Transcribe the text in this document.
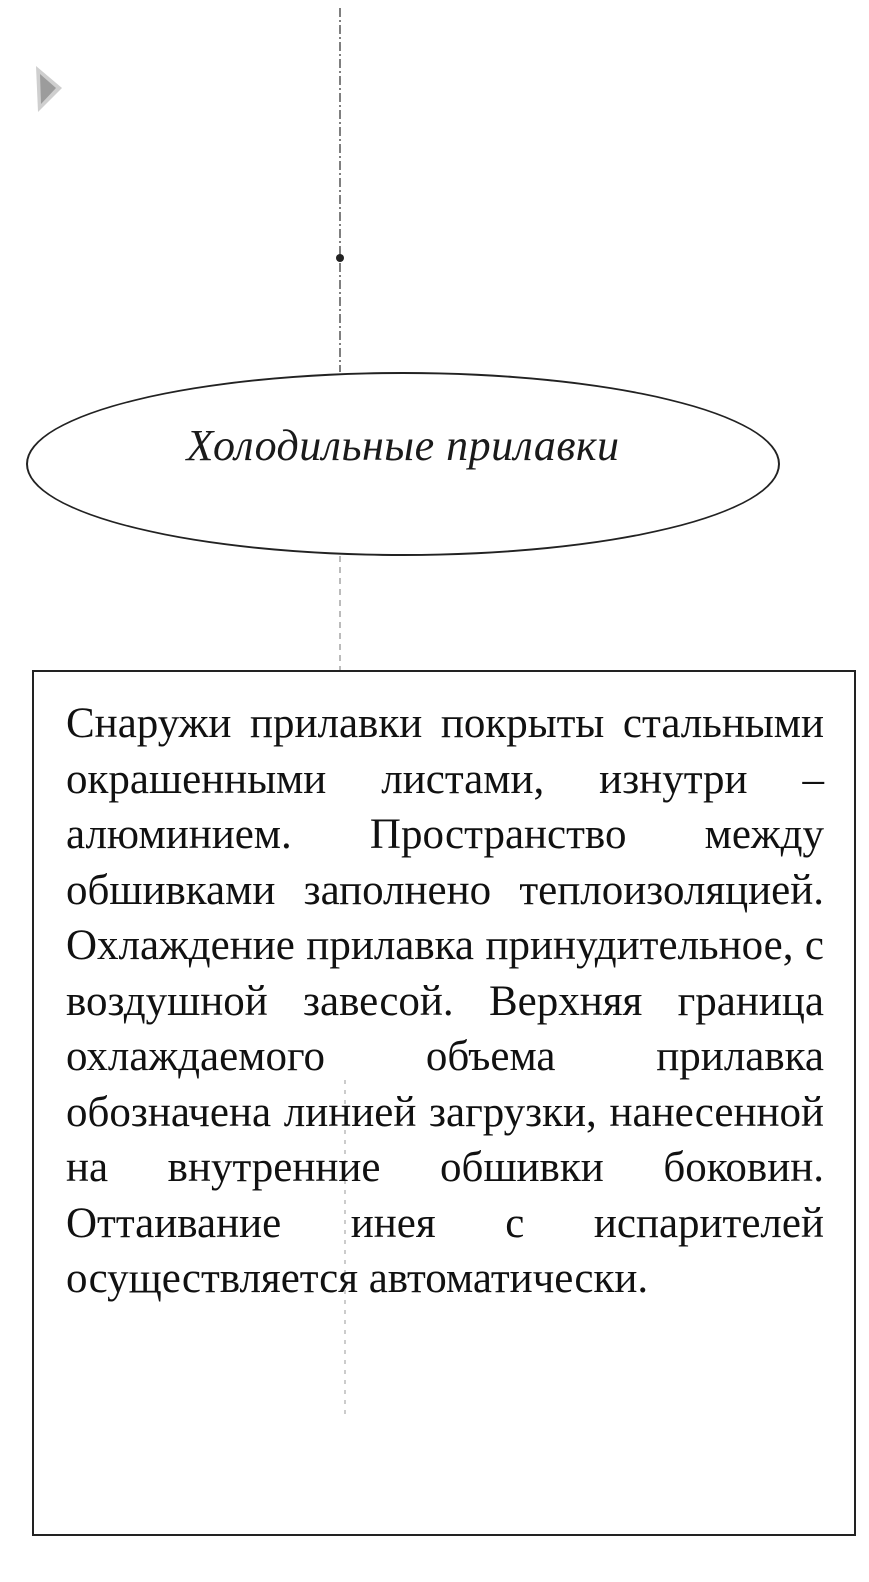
Холодильные прилавки

Снаружи прилавки покрыты стальными окрашенными листами, изнутри – алюминием. Пространство между обшивками заполнено теплоизоляцией. Охлаждение прилавка принудительное, с воздушной завесой. Верхняя граница охлаждаемого объема прилавка обозначена линией загрузки, нанесенной на внутренние обшивки боковин. Оттаивание инея с испарителей осуществляется автоматически.
